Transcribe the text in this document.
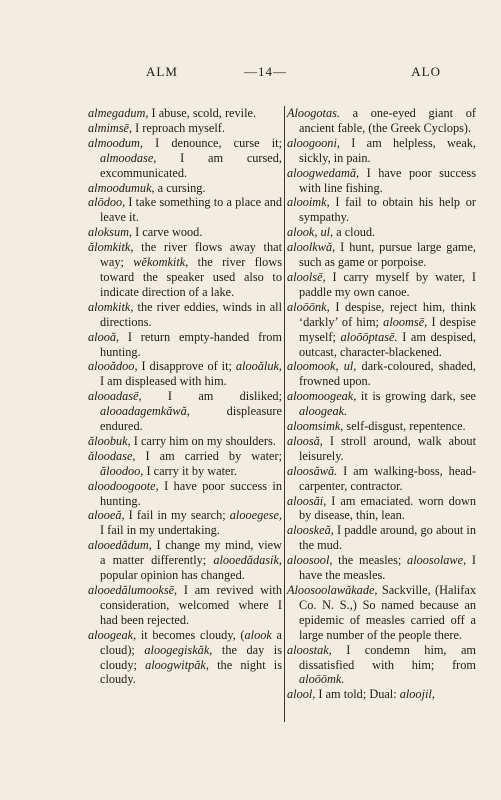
ALM	—14—	ALO

almegadum, I abuse, scold, revile.

almimsē, I reproach myself.

almoodum, I denounce, curse it; almoodase, I am cursed, excommunicated.

almoodumuk, a cursing.

alōdoo, I take something to a place and leave it.

aloksum, I carve wood.

ălomkitk, the river flows away that way; wĕkomkitk, the river flows toward the speaker used also to indicate direction of a lake.

alomkitk, the river eddies, winds in all directions.

alooă, I return empty-handed from hunting.

alooădoo, I disapprove of it; alooăluk, I am displeased with him.

alooadasē, I am disliked; alooadagemkăwă, displeasure endured.

ăloobuk, I carry him on my shoulders.

ăloodase, I am carried by water; ăloodoo, I carry it by water.

aloodoogoote, I have poor success in hunting.

alooeă, I fail in my search; alooegese, I fail in my undertaking.

alooedădum, I change my mind, view a matter differently; alooedădasik, popular opinion has changed.

alooedălumooksē, I am revived with consideration, welcomed where I had been rejected.

aloogeak, it becomes cloudy, (alook a cloud); aloogegiskăk, the day is cloudy; aloogwitpăk, the night is cloudy.

Aloogotas. a one-eyed giant of ancient fable, (the Greek Cyclops).

aloogooni, I am helpless, weak, sickly, in pain.

aloogwedamă, I have poor success with line fishing.

alooimk, I fail to obtain his help or sympathy.

alook, ul, a cloud.

aloolkwă, I hunt, pursue large game, such as game or porpoise.

aloolsē, I carry myself by water, I paddle my own canoe.

aloōōnk, I despise, reject him, think ‘darkly’ of him; aloomsē, I despise myself; aloōōptasē. I am despised, outcast, character-blackened.

aloomook, ul, dark-coloured, shaded, frowned upon.

aloomoogeak, it is growing dark, see aloogeak.

aloomsimk, self-disgust, repentence.

aloosă, I stroll around, walk about leisurely.

aloosăwă. I am walking-boss, head-carpenter, contractor.

aloosăi, I am emaciated. worn down by disease, thin, lean.

alooskeă, I paddle around, go about in the mud.

aloosool, the measles; aloosolawe, I have the measles.

Aloosoolawăkade, Sackville, (Halifax Co. N. S.,) So named because an epidemic of measles carried off a large number of the people there.

aloostak, I condemn him, am dissatisfied with him; from aloōōmk.

alool, I am told; Dual: aloojil,
